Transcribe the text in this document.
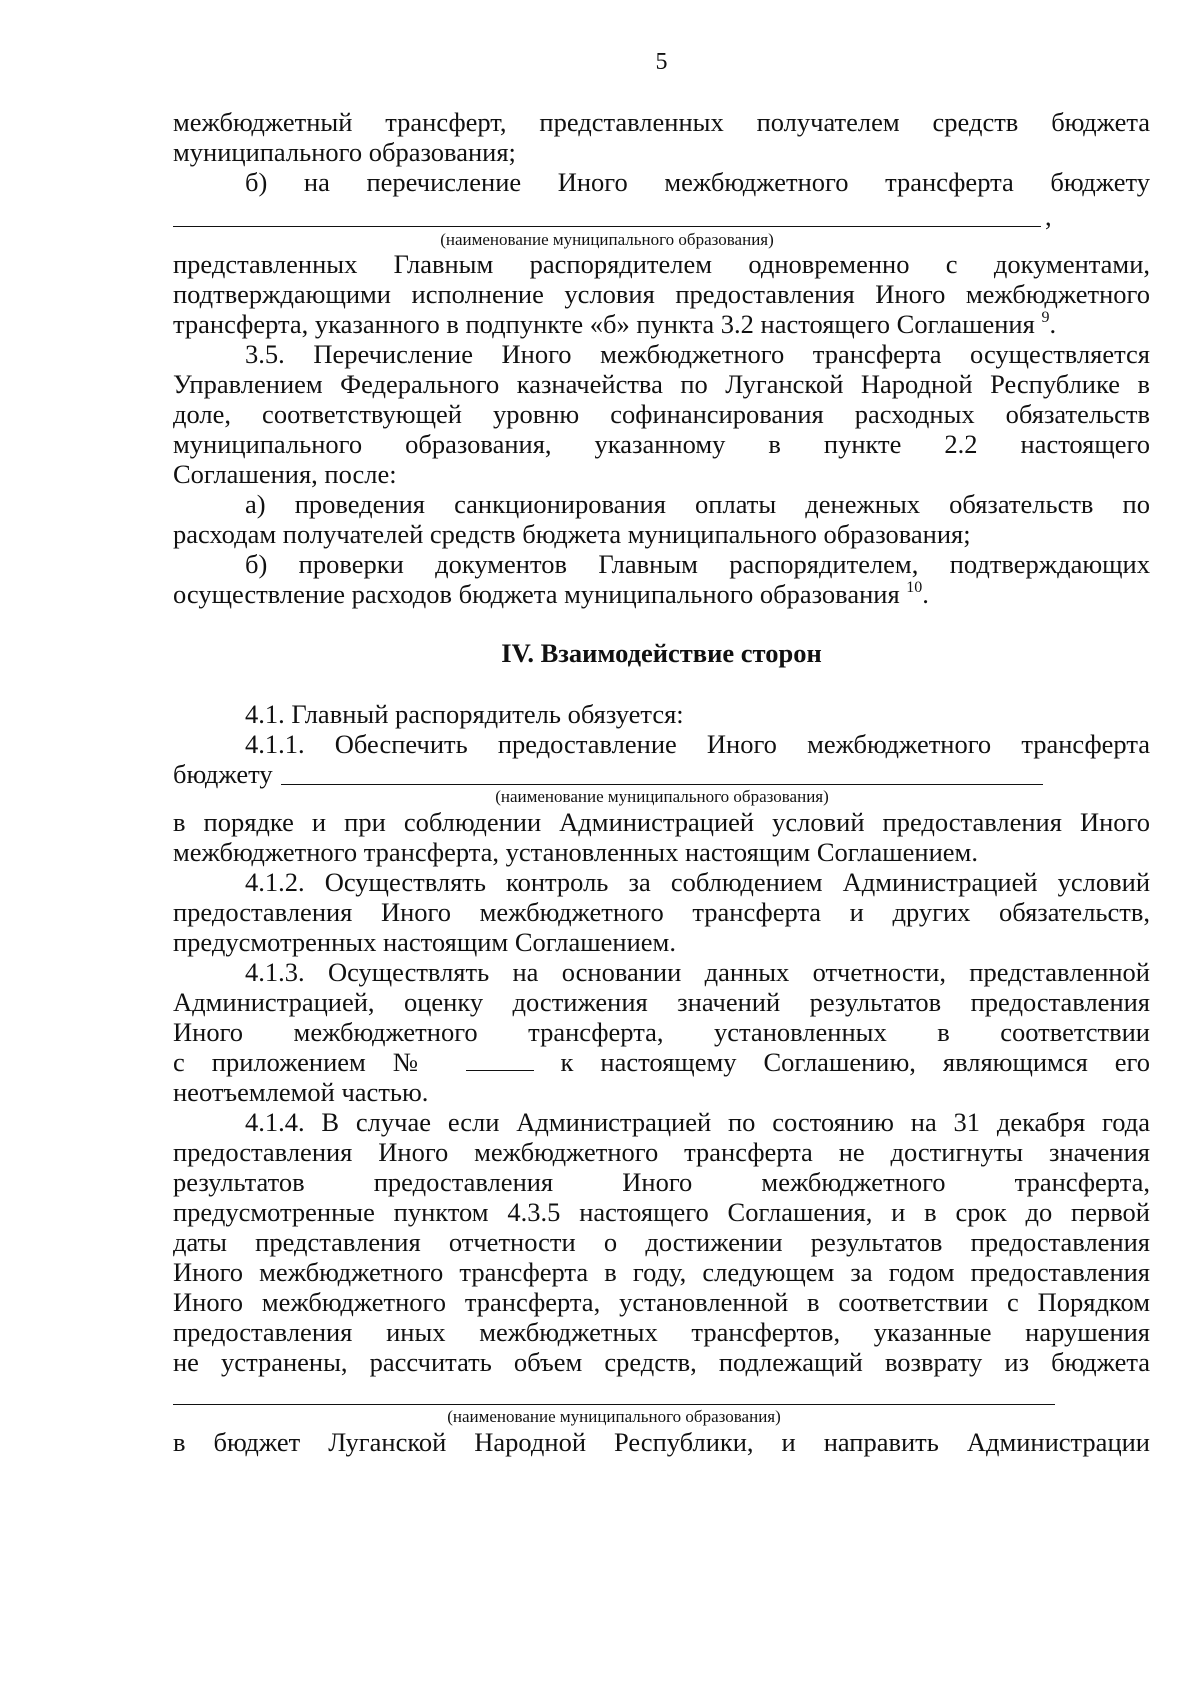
5
межбюджетный трансферт, представленных получателем средств бюджета
муниципального образования;
б) на перечисление Иного межбюджетного трансферта бюджету
,
(наименование муниципального образования)
представленных Главным распорядителем одновременно с документами,
подтверждающими исполнение условия предоставления Иного межбюджетного
трансферта, указанного в подпункте «б» пункта 3.2 настоящего Соглашения $^9$.
3.5. Перечисление Иного межбюджетного трансферта осуществляется
Управлением Федерального казначейства по Луганской Народной Республике в
доле, соответствующей уровню софинансирования расходных обязательств
муниципального образования, указанному в пункте 2.2 настоящего
Соглашения, после:
а) проведения санкционирования оплаты денежных обязательств по
расходам получателей средств бюджета муниципального образования;
б) проверки документов Главным распорядителем, подтверждающих
осуществление расходов бюджета муниципального образования $^{10}$.
IV. Взаимодействие сторон
4.1. Главный распорядитель обязуется:
4.1.1. Обеспечить предоставление Иного межбюджетного трансферта
бюджету
(наименование муниципального образования)
в порядке и при соблюдении Администрацией условий предоставления Иного
межбюджетного трансферта, установленных настоящим Соглашением.
4.1.2. Осуществлять контроль за соблюдением Администрацией условий
предоставления Иного межбюджетного трансферта и других обязательств,
предусмотренных настоящим Соглашением.
4.1.3. Осуществлять на основании данных отчетности, представленной
Администрацией, оценку достижения значений результатов предоставления
Иного межбюджетного трансферта, установленных в соответствии
с приложением №	к настоящему Соглашению, являющимся его
неотъемлемой частью.
4.1.4. В случае если Администрацией по состоянию на 31 декабря года
предоставления Иного межбюджетного трансферта не достигнуты значения
результатов предоставления Иного межбюджетного трансферта,
предусмотренные пунктом 4.3.5 настоящего Соглашения, и в срок до первой
даты представления отчетности о достижении результатов предоставления
Иного межбюджетного трансферта в году, следующем за годом предоставления
Иного межбюджетного трансферта, установленной в соответствии с Порядком
предоставления иных межбюджетных трансфертов, указанные нарушения
не устранены, рассчитать объем средств, подлежащий возврату из бюджета
(наименование муниципального образования)
в бюджет Луганской Народной Республики, и направить Администрации
